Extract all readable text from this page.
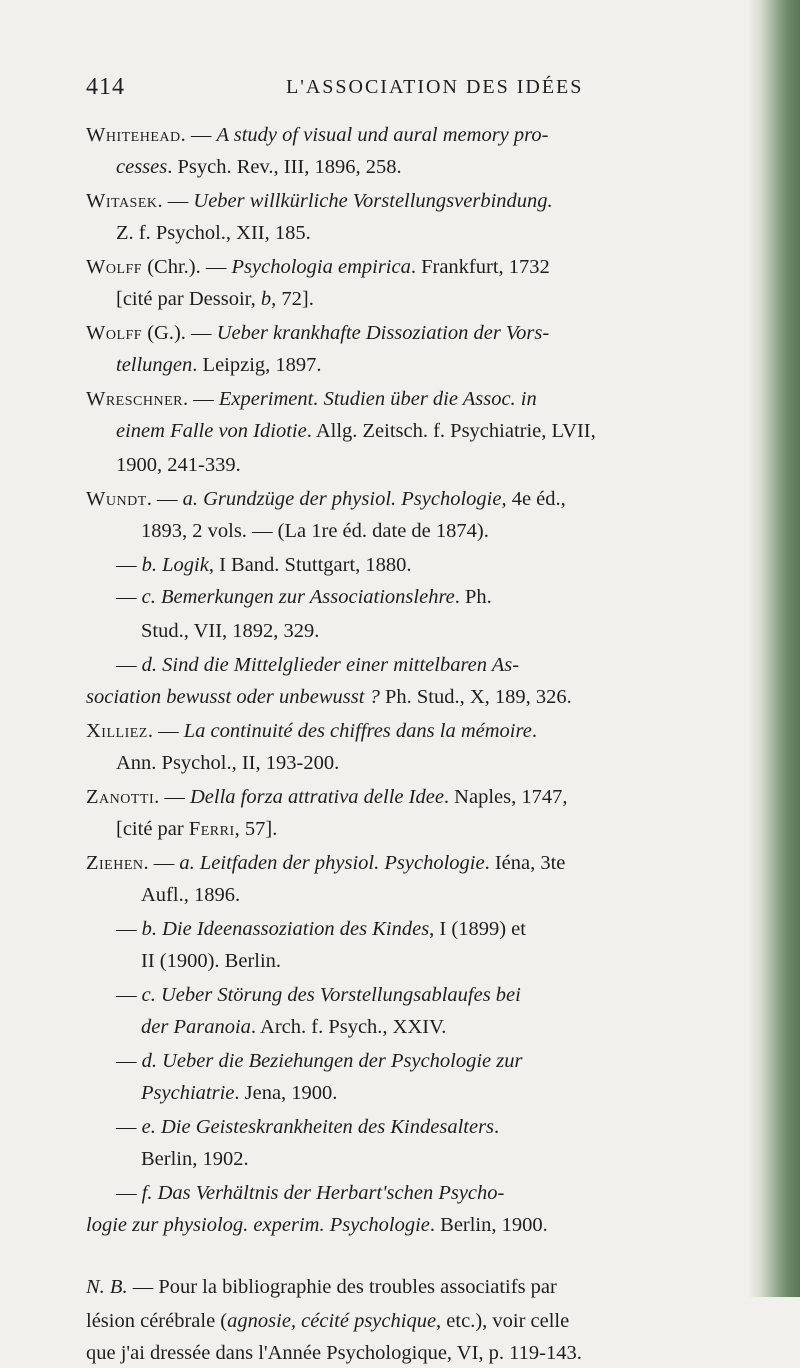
414	L'ASSOCIATION DES IDÉES
Whitehead. — A study of visual und aural memory pro-
cesses. Psych. Rev., III, 1896, 258.
Witasek. — Ueber willkürliche Vorstellungsverbindung.
Z. f. Psychol., XII, 185.
Wolff (Chr.). — Psychologia empirica. Frankfurt, 1732
[cité par Dessoir, b, 72].
Wolff (G.). — Ueber krankhafte Dissoziation der Vors-
tellungen. Leipzig, 1897.
Wreschner. — Experiment. Studien über die Assoc. in
einem Falle von Idiotie. Allg. Zeitsch. f. Psychiatrie, LVII,
1900, 241-339.
Wundt. — a. Grundzüge der physiol. Psychologie, 4e éd.,
1893, 2 vols. — (La 1re éd. date de 1874).
— b. Logik, I Band. Stuttgart, 1880.
— c. Bemerkungen zur Associationslehre. Ph.
Stud., VII, 1892, 329.
— d. Sind die Mittelglieder einer mittelbaren As-
sociation bewusst oder unbewusst ? Ph. Stud., X, 189, 326.
Xilliez. — La continuité des chiffres dans la mémoire.
Ann. Psychol., II, 193-200.
Zanotti. — Della forza attrativa delle Idee. Naples, 1747,
[cité par Ferri, 57].
Ziehen. — a. Leitfaden der physiol. Psychologie. Iéna, 3te
Aufl., 1896.
— b. Die Ideenassoziation des Kindes, I (1899) et
II (1900). Berlin.
— c. Ueber Störung des Vorstellungsablaufes bei
der Paranoia. Arch. f. Psych., XXIV.
— d. Ueber die Beziehungen der Psychologie zur
Psychiatrie. Jena, 1900.
— e. Die Geisteskrankheiten des Kindesalters.
Berlin, 1902.
— f. Das Verhältnis der Herbart'schen Psycho-
logie zur physiolog. experim. Psychologie. Berlin, 1900.
N. B. — Pour la bibliographie des troubles associatifs par
lésion cérébrale (agnosie, cécité psychique, etc.), voir celle
que j'ai dressée dans l'Année Psychologique, VI, p. 119-143.
